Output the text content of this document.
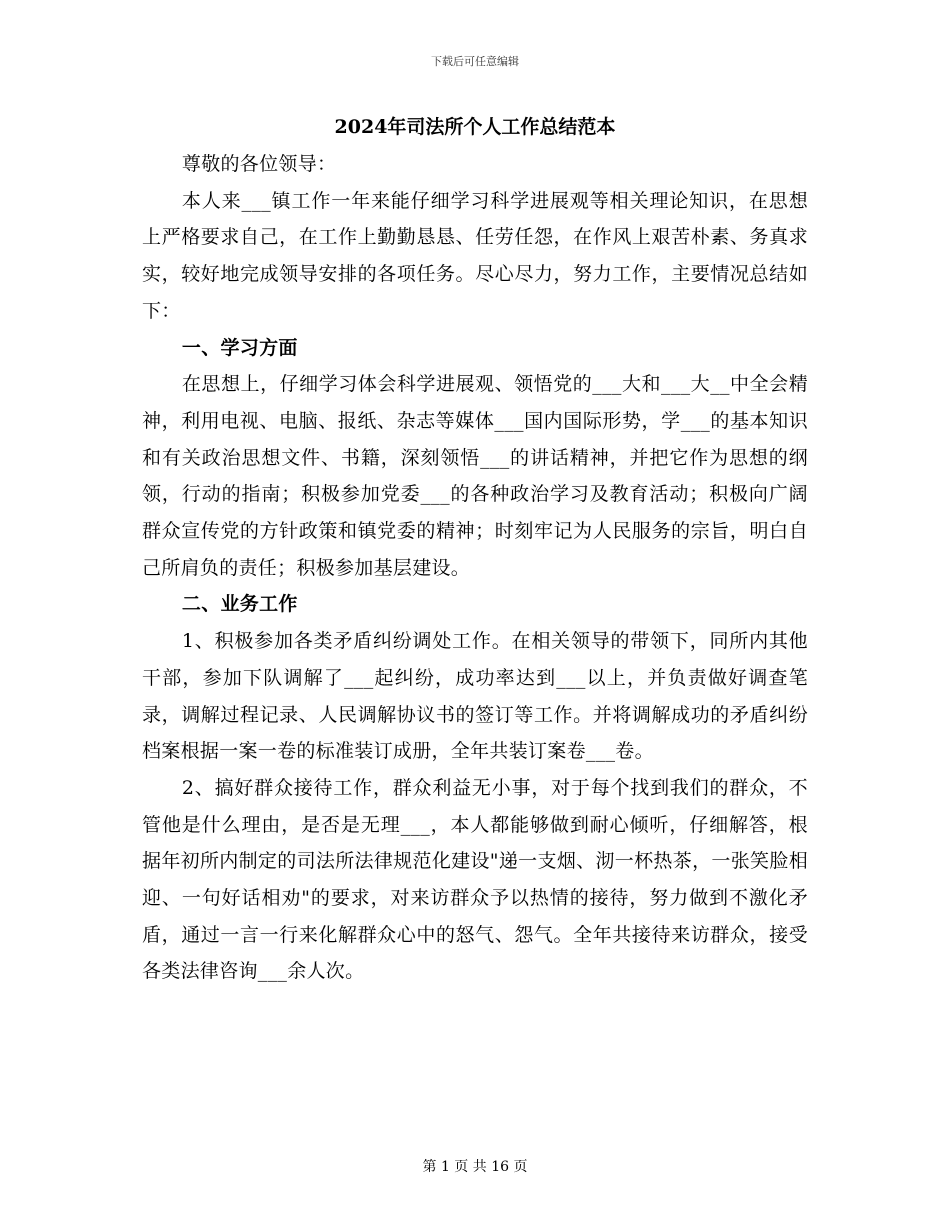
下载后可任意编辑
2024年司法所个人工作总结范本

尊敬的各位领导：

本人来___镇工作一年来能仔细学习科学进展观等相关理论知识，在思想上严格要求自己，在工作上勤勤恳恳、任劳任怨，在作风上艰苦朴素、务真求实，较好地完成领导安排的各项任务。尽心尽力，努力工作，主要情况总结如下：

一、学习方面

在思想上，仔细学习体会科学进展观、领悟党的___大和___大__中全会精神，利用电视、电脑、报纸、杂志等媒体___国内国际形势，学___的基本知识和有关政治思想文件、书籍，深刻领悟___的讲话精神，并把它作为思想的纲领，行动的指南；积极参加党委___的各种政治学习及教育活动；积极向广阔群众宣传党的方针政策和镇党委的精神；时刻牢记为人民服务的宗旨，明白自己所肩负的责任；积极参加基层建设。

二、业务工作

1、积极参加各类矛盾纠纷调处工作。在相关领导的带领下，同所内其他干部，参加下队调解了___起纠纷，成功率达到___以上，并负责做好调查笔录，调解过程记录、人民调解协议书的签订等工作。并将调解成功的矛盾纠纷档案根据一案一卷的标准装订成册，全年共装订案卷___卷。

2、搞好群众接待工作，群众利益无小事，对于每个找到我们的群众，不管他是什么理由，是否是无理___，本人都能够做到耐心倾听，仔细解答，根据年初所内制定的司法所法律规范化建设"递一支烟、沏一杯热茶，一张笑脸相迎、一句好话相劝"的要求，对来访群众予以热情的接待，努力做到不激化矛盾，通过一言一行来化解群众心中的怒气、怨气。全年共接待来访群众，接受各类法律咨询___余人次。

第 1 页 共 16 页
